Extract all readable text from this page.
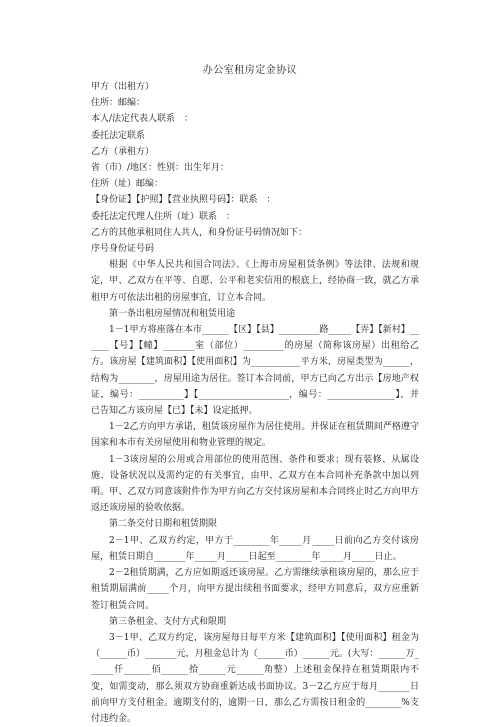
办公室租房定金协议

甲方（出租方）

住所：邮编：

本人/法定代表人联系　：

委托法定联系

乙方（承租方）

省（市）/地区：性别：出生年月：

住所（址）邮编：

【身份证】【护照】【营业执照号码】：联系　：

委托法定代理人住所（址）联系　：

乙方的其他承租同住人共人，和身份证号码情况如下：

序号身份证号码

根据《中华人民共和国合同法》、《上海市房屋租赁条例》等法律、法规和规定，甲、乙双方在平等、自愿、公平和老实信用的根底上，经协商一致，就乙方承租甲方可依法出租的房屋事宜，订立本合同。

第一条出租房屋情况和租赁用途

1－1甲方将座落在本市______【区】【县】_________路_____【弄】【新村】______【号】【幢】_______室（部位）_________的房屋（简称该房屋）出租给乙方。该房屋【建筑面积】【使用面积】为___________平方米，房屋类型为______，结构为________，房屋用途为居住。签订本合同前，甲方已向乙方出示【房地产权证，编号：__________】【____________________，编号：_______________】，并已告知乙方该房屋【已】【未】设定抵押。

1－2乙方向甲方承诺，租赁该房屋作为居住使用。并保证在租赁期间严格遵守国家和本市有关房屋使用和物业管理的规定。

1－3该房屋的公用或合用部位的使用范围、条件和要求；现有装修、从属设施、设备状况以及需约定的有关事宜，由甲、乙双方在本合同补充条款中加以列明。甲、乙双方同意该附件作为甲方向乙方交付该房屋和本合同终止时乙方向甲方返还该房屋的验收依据。

第二条交付日期和租赁期限

2－1甲、乙双方约定，甲方于________年_____月_____日前向乙方交付该房屋，租赁日期自_______年_____月_____日起至________年_____月_____日止。

2－2租赁期满，乙方应如期返还该房屋。乙方需继续承租该房屋的，那么应于租赁期届满前_____个月，向甲方提出续租书面要求，经甲方同意后，双方应重新签订租赁合同。

第三条租金、支付方式和限期

3－1甲、乙双方约定，该房屋每日每平方米【建筑面积】【使用面积】租金为（______币）_______元，月租金总计为（______币）______元。(大写：______万______仟______佰______拾______元______角整）上述租金保持在租赁期限内不变，如需变动，那么须双方协商重新达成书面协议。3－2乙方应于每月_______日前向甲方支付租金。逾期支付的，逾期一日，那么乙方需按日租金的________%支付违约金。
